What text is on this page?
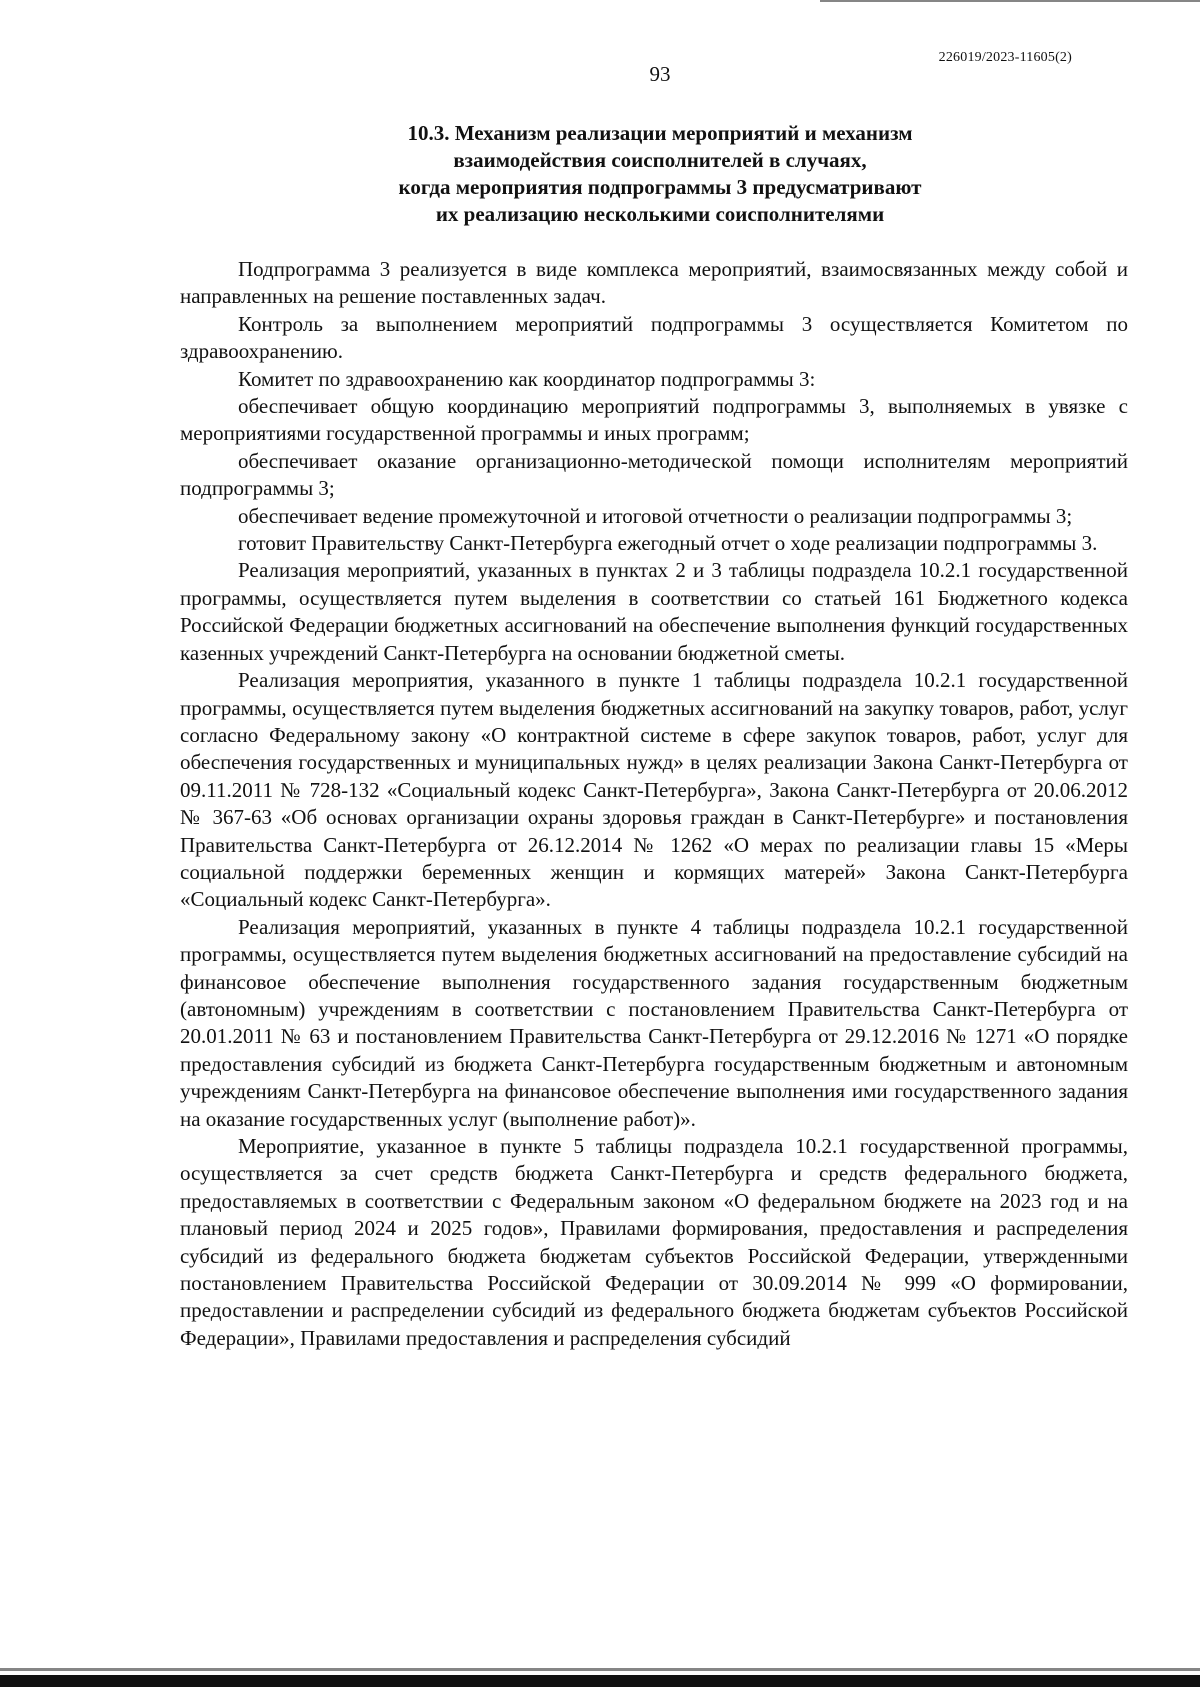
226019/2023-11605(2)
93
10.3. Механизм реализации мероприятий и механизм
взаимодействия соисполнителей в случаях,
когда мероприятия подпрограммы 3 предусматривают
их реализацию несколькими соисполнителями

Подпрограмма 3 реализуется в виде комплекса мероприятий, взаимосвязанных между собой и направленных на решение поставленных задач.

Контроль за выполнением мероприятий подпрограммы 3 осуществляется Комитетом по здравоохранению.

Комитет по здравоохранению как координатор подпрограммы 3:

обеспечивает общую координацию мероприятий подпрограммы 3, выполняемых в увязке с мероприятиями государственной программы и иных программ;

обеспечивает оказание организационно-методической помощи исполнителям мероприятий подпрограммы 3;

обеспечивает ведение промежуточной и итоговой отчетности о реализации подпрограммы 3;

готовит Правительству Санкт-Петербурга ежегодный отчет о ходе реализации подпрограммы 3.

Реализация мероприятий, указанных в пунктах 2 и 3 таблицы подраздела 10.2.1 государственной программы, осуществляется путем выделения в соответствии со статьей 161 Бюджетного кодекса Российской Федерации бюджетных ассигнований на обеспечение выполнения функций государственных казенных учреждений Санкт-Петербурга на основании бюджетной сметы.

Реализация мероприятия, указанного в пункте 1 таблицы подраздела 10.2.1 государственной программы, осуществляется путем выделения бюджетных ассигнований на закупку товаров, работ, услуг согласно Федеральному закону «О контрактной системе в сфере закупок товаров, работ, услуг для обеспечения государственных и муниципальных нужд» в целях реализации Закона Санкт-Петербурга от 09.11.2011 № 728-132 «Социальный кодекс Санкт-Петербурга», Закона Санкт-Петербурга от 20.06.2012 № 367-63 «Об основах организации охраны здоровья граждан в Санкт-Петербурге» и постановления Правительства Санкт-Петербурга от 26.12.2014 № 1262 «О мерах по реализации главы 15 «Меры социальной поддержки беременных женщин и кормящих матерей» Закона Санкт-Петербурга «Социальный кодекс Санкт-Петербурга».

Реализация мероприятий, указанных в пункте 4 таблицы подраздела 10.2.1 государственной программы, осуществляется путем выделения бюджетных ассигнований на предоставление субсидий на финансовое обеспечение выполнения государственного задания государственным бюджетным (автономным) учреждениям в соответствии с постановлением Правительства Санкт-Петербурга от 20.01.2011 № 63 и постановлением Правительства Санкт-Петербурга от 29.12.2016 № 1271 «О порядке предоставления субсидий из бюджета Санкт-Петербурга государственным бюджетным и автономным учреждениям Санкт-Петербурга на финансовое обеспечение выполнения ими государственного задания на оказание государственных услуг (выполнение работ)».

Мероприятие, указанное в пункте 5 таблицы подраздела 10.2.1 государственной программы, осуществляется за счет средств бюджета Санкт-Петербурга и средств федерального бюджета, предоставляемых в соответствии с Федеральным законом «О федеральном бюджете на 2023 год и на плановый период 2024 и 2025 годов», Правилами формирования, предоставления и распределения субсидий из федерального бюджета бюджетам субъектов Российской Федерации, утвержденными постановлением Правительства Российской Федерации от 30.09.2014 № 999 «О формировании, предоставлении и распределении субсидий из федерального бюджета бюджетам субъектов Российской Федерации», Правилами предоставления и распределения субсидий
